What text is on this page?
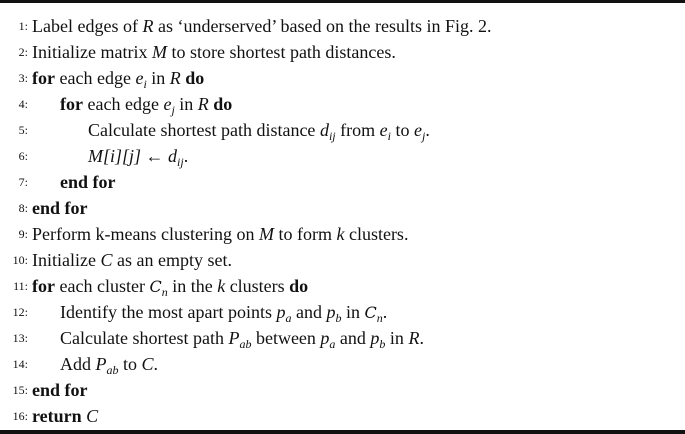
1: Label edges of R as ‘underserved’ based on the results in Fig. 2.
2: Initialize matrix M to store shortest path distances.
3: for each edge $e_i$ in R do
4: for each edge $e_j$ in R do
5:	Calculate shortest path distance $d_{ij}$ from $e_i$ to $e_j$.
6:	M[i][j] ← $d_{ij}$.
7: end for
8: end for
9: Perform k-means clustering on M to form k clusters.
10: Initialize C as an empty set.
11: for each cluster $C_n$ in the k clusters do
12: Identify the most apart points $p_a$ and $p_b$ in $C_n$.
13: Calculate shortest path $P_{ab}$ between $p_a$ and $p_b$ in R.
14: Add $P_{ab}$ to C.
15: end for
16: return C
